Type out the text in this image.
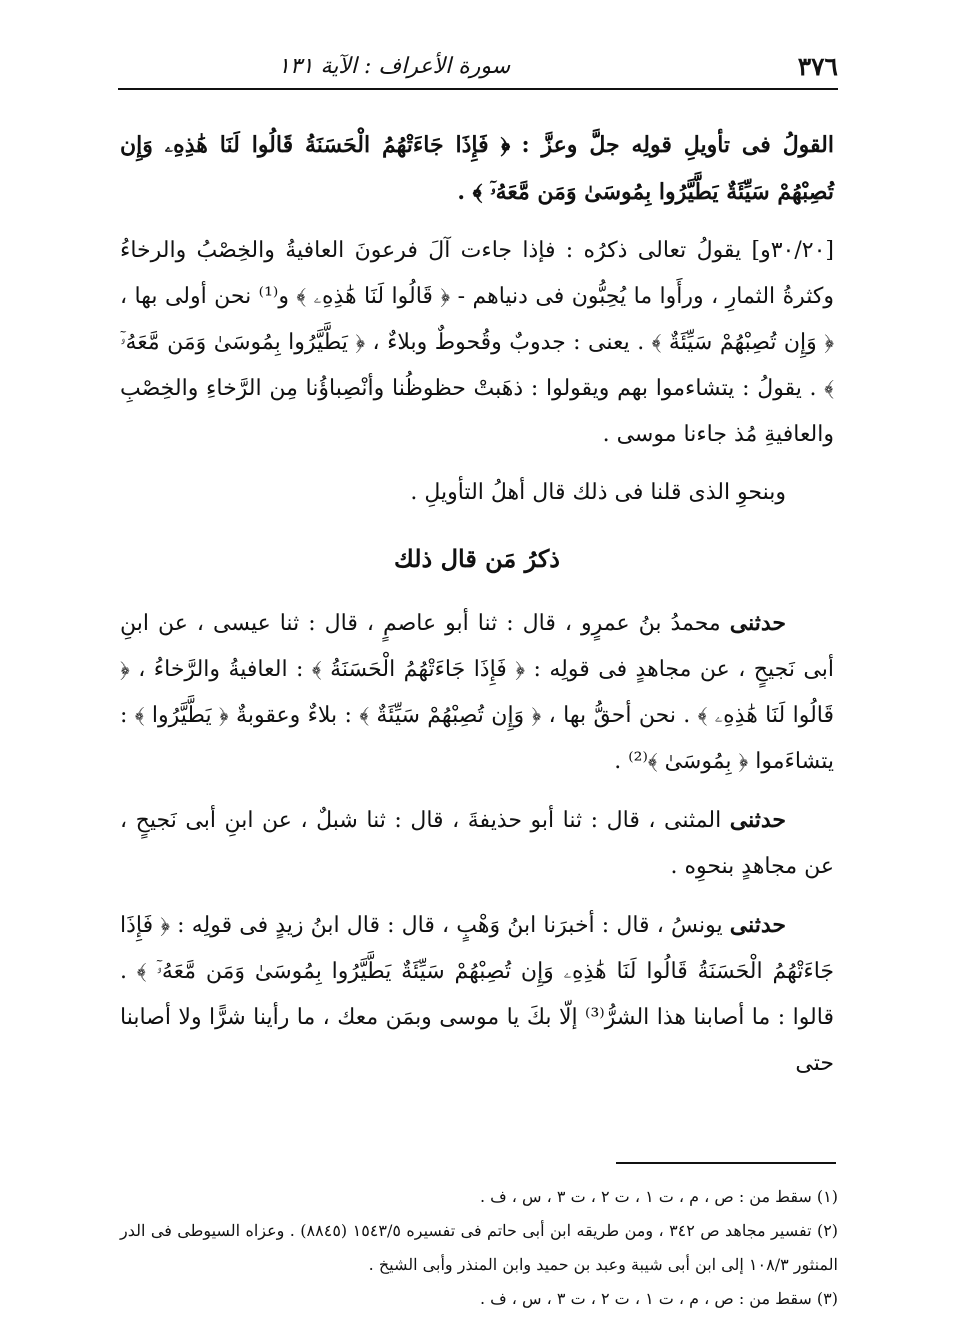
٣٧٦
سورة الأعراف : الآية ١٣١

القولُ فى تأويلِ قولِه جلَّ وعزَّ : ﴿ فَإِذَا جَاءَتْهُمُ الْحَسَنَةُ قَالُوا لَنَا هَٰذِهِۦ وَإِن تُصِبْهُمْ سَيِّئَةٌ يَطَّيَّرُوا بِمُوسَىٰ وَمَن مَّعَهُۥٓ ﴾ .

[٣٠/٢٠و] يقولُ تعالى ذكرُه : فإذا جاءت آلَ فرعونَ العافيةُ والخِصْبُ والرخاءُ وكثرةُ الثمارِ ، ورأَوا ما يُحِبُّون فى دنياهم - ﴿ قَالُوا لَنَا هَٰذِهِۦ ﴾ و⁽¹⁾ نحن أولى بها ، ﴿ وَإِن تُصِبْهُمْ سَيِّئَةٌ ﴾ . يعنى : جدوبٌ وقُحوطٌ وبلاءٌ ، ﴿ يَطَّيَّرُوا بِمُوسَىٰ وَمَن مَّعَهُۥٓ ﴾ . يقولُ : يتشاءموا بهم ويقولوا : ذهَبتْ حظوظُنا وأنْصِباؤُنا مِن الرَّخاءِ والخِصْبِ والعافيةِ مُذ جاءنا موسى .

وبنحوِ الذى قلنا فى ذلك قال أهلُ التأويلِ .

ذكرُ مَن قال ذلك

حدثنى محمدُ بنُ عمرٍو ، قال : ثنا أبو عاصمٍ ، قال : ثنا عيسى ، عن ابنِ أبى نَجيحٍ ، عن مجاهدٍ فى قولِه : ﴿ فَإِذَا جَاءَتْهُمُ الْحَسَنَةُ ﴾ : العافيةُ والرَّخاءُ ، ﴿ قَالُوا لَنَا هَٰذِهِۦ ﴾ . نحن أحقُّ بها ، ﴿ وَإِن تُصِبْهُمْ سَيِّئَةٌ ﴾ : بلاءٌ وعقوبةٌ ﴿ يَطَّيَّرُوا ﴾ : يتشاءَموا ﴿ بِمُوسَىٰ ﴾⁽²⁾ .

حدثنى المثنى ، قال : ثنا أبو حذيفةَ ، قال : ثنا شبلٌ ، عن ابنِ أبى نَجيحٍ ، عن مجاهدٍ بنحوِه .

حدثنى يونسُ ، قال : أخبرَنا ابنُ وَهْبٍ ، قال : قال ابنُ زيدٍ فى قولِه : ﴿ فَإِذَا جَاءَتْهُمُ الْحَسَنَةُ قَالُوا لَنَا هَٰذِهِۦ وَإِن تُصِبْهُمْ سَيِّئَةٌ يَطَّيَّرُوا بِمُوسَىٰ وَمَن مَّعَهُۥٓ ﴾ . قالوا : ما أصابنا هذا الشرُّ⁽³⁾ إلّا بكَ يا موسى وبمَن معك ، ما رأينا شرًّا ولا أصابنا حتى

(١) سقط من : ص ، م ، ت ١ ، ت ٢ ، ت ٣ ، س ، ف .

(٢) تفسير مجاهد ص ٣٤٢ ، ومن طريقه ابن أبى حاتم فى تفسيره ١٥٤٣/٥ (٨٨٤٥) . وعزاه السيوطى فى الدر المنثور ١٠٨/٣ إلى ابن أبى شيبة وعبد بن حميد وابن المنذر وأبى الشيخ .

(٣) سقط من : ص ، م ، ت ١ ، ت ٢ ، ت ٣ ، س ، ف .
